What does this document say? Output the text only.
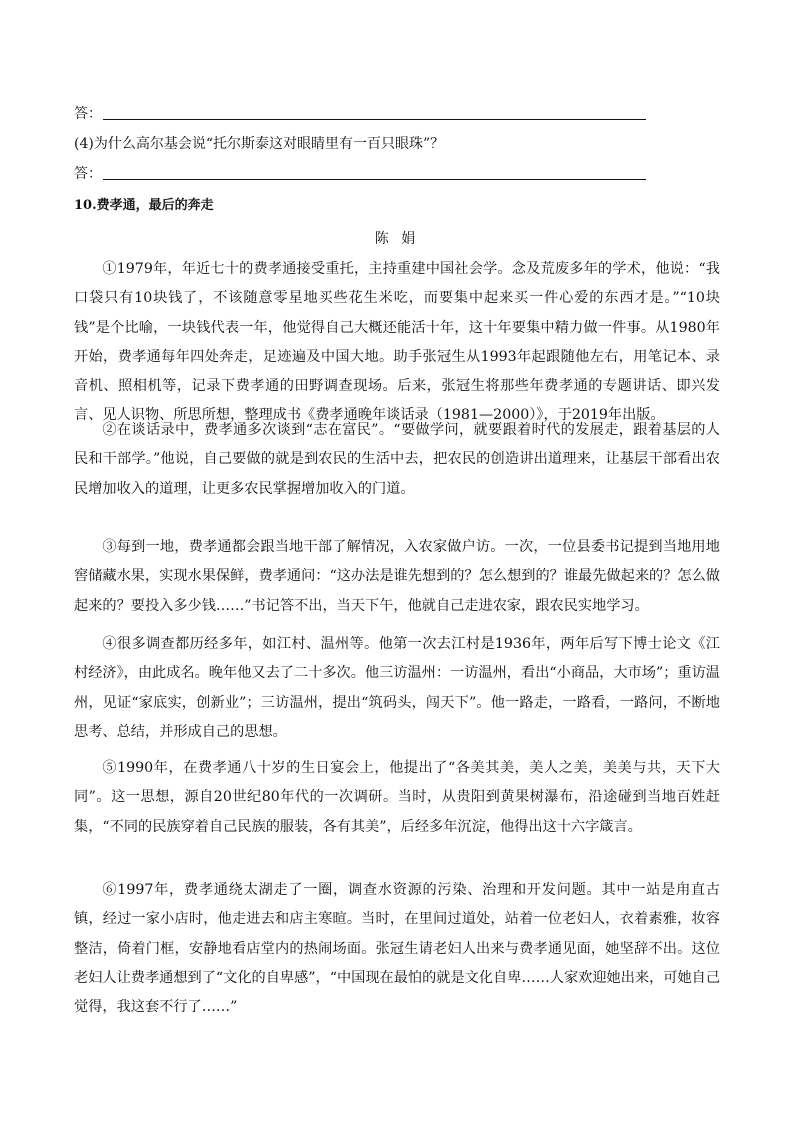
答：
(4)为什么高尔基会说“托尔斯泰这对眼睛里有一百只眼珠”？
答：
10.费孝通，最后的奔走
陈 娟

①1979年，年近七十的费孝通接受重托，主持重建中国社会学。念及荒废多年的学术，他说：“我口袋只有10块钱了，不该随意零星地买些花生米吃，而要集中起来买一件心爱的东西才是。”“10块钱”是个比喻，一块钱代表一年，他觉得自己大概还能活十年，这十年要集中精力做一件事。从1980年开始，费孝通每年四处奔走，足迹遍及中国大地。助手张冠生从1993年起跟随他左右，用笔记本、录音机、照相机等，记录下费孝通的田野调查现场。后来，张冠生将那些年费孝通的专题讲话、即兴发言、见人识物、所思所想，整理成书《费孝通晚年谈话录（1981—2000）》，于2019年出版。

②在谈话录中，费孝通多次谈到“志在富民”。“要做学问，就要跟着时代的发展走，跟着基层的人民和干部学。”他说，自己要做的就是到农民的生活中去，把农民的创造讲出道理来，让基层干部看出农民增加收入的道理，让更多农民掌握增加收入的门道。

③每到一地，费孝通都会跟当地干部了解情况，入农家做户访。一次，一位县委书记提到当地用地窖储藏水果，实现水果保鲜，费孝通问：“这办法是谁先想到的？怎么想到的？谁最先做起来的？怎么做起来的？要投入多少钱……”书记答不出，当天下午，他就自己走进农家，跟农民实地学习。

④很多调查都历经多年，如江村、温州等。他第一次去江村是1936年，两年后写下博士论文《江村经济》，由此成名。晚年他又去了二十多次。他三访温州：一访温州，看出“小商品，大市场”；重访温州，见证“家底实，创新业”；三访温州，提出“筑码头，闯天下”。他一路走，一路看，一路问，不断地思考、总结，并形成自己的思想。

⑤1990年，在费孝通八十岁的生日宴会上，他提出了“各美其美，美人之美，美美与共，天下大同”。这一思想，源自20世纪80年代的一次调研。当时，从贵阳到黄果树瀑布，沿途碰到当地百姓赶集，“不同的民族穿着自己民族的服装，各有其美”，后经多年沉淀，他得出这十六字箴言。

⑥1997年，费孝通绕太湖走了一圈，调查水资源的污染、治理和开发问题。其中一站是甪直古镇，经过一家小店时，他走进去和店主寒暄。当时，在里间过道处，站着一位老妇人，衣着素雅，妆容整洁，倚着门框，安静地看店堂内的热闹场面。张冠生请老妇人出来与费孝通见面，她坚辞不出。这位老妇人让费孝通想到了“文化的自卑感”，“中国现在最怕的就是文化自卑……人家欢迎她出来，可她自己觉得，我这套不行了……”
